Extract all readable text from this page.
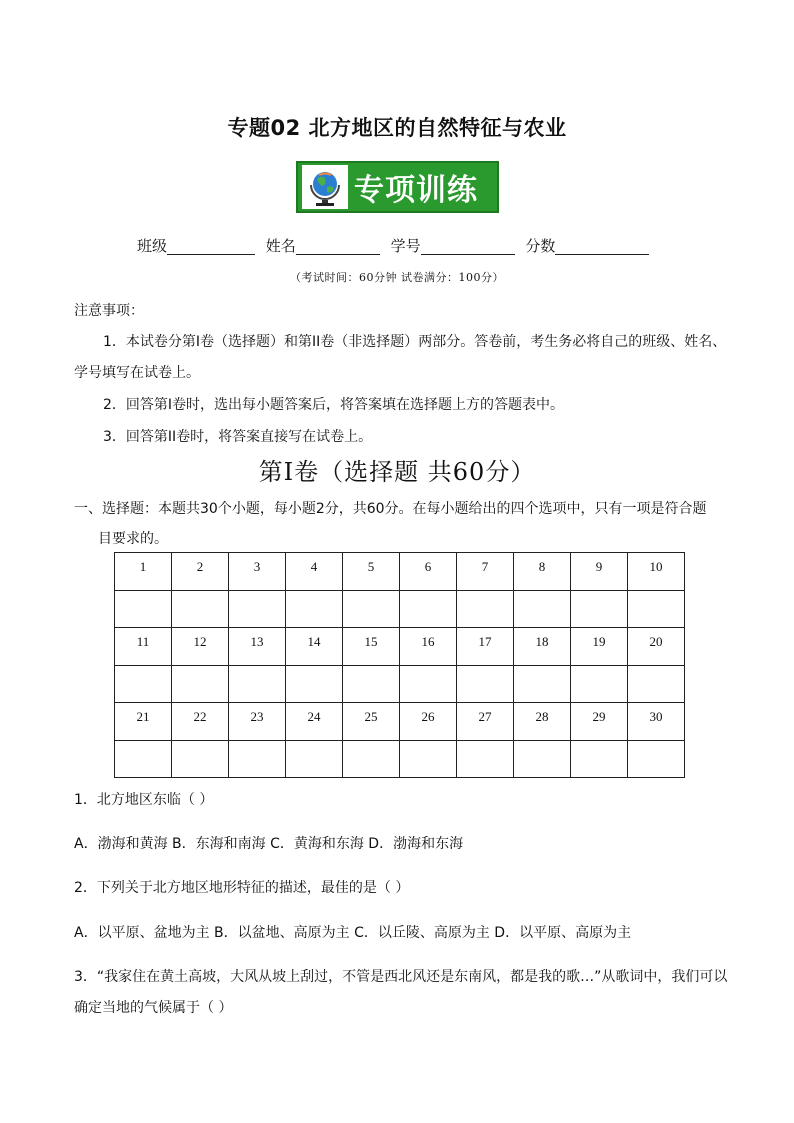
专题02 北方地区的自然特征与农业
专项训练
班级	姓名	学号	分数
（考试时间：60分钟 试卷满分：100分）
注意事项：
1．本试卷分第I卷（选择题）和第II卷（非选择题）两部分。答卷前，考生务必将自己的班级、姓名、
学号填写在试卷上。
2．回答第I卷时，选出每小题答案后，将答案填在选择题上方的答题表中。
3．回答第II卷时，将答案直接写在试卷上。
第I卷（选择题 共60分）
一、选择题：本题共30个小题，每小题2分，共60分。在每小题给出的四个选项中，只有一项是符合题
目要求的。
1	2	3	4	5	6	7	8	9	10

11	12	13	14	15	16	17	18	19	20

21	22	23	24	25	26	27	28	29	30

1．北方地区东临（ ）
A．渤海和黄海 B．东海和南海 C．黄海和东海 D．渤海和东海
2．下列关于北方地区地形特征的描述，最佳的是（ ）
A．以平原、盆地为主 B．以盆地、高原为主 C．以丘陵、高原为主 D．以平原、高原为主
3．“我家住在黄土高坡，大风从坡上刮过，不管是西北风还是东南风，都是我的歌…”从歌词中，我们可以
确定当地的气候属于（ ）
